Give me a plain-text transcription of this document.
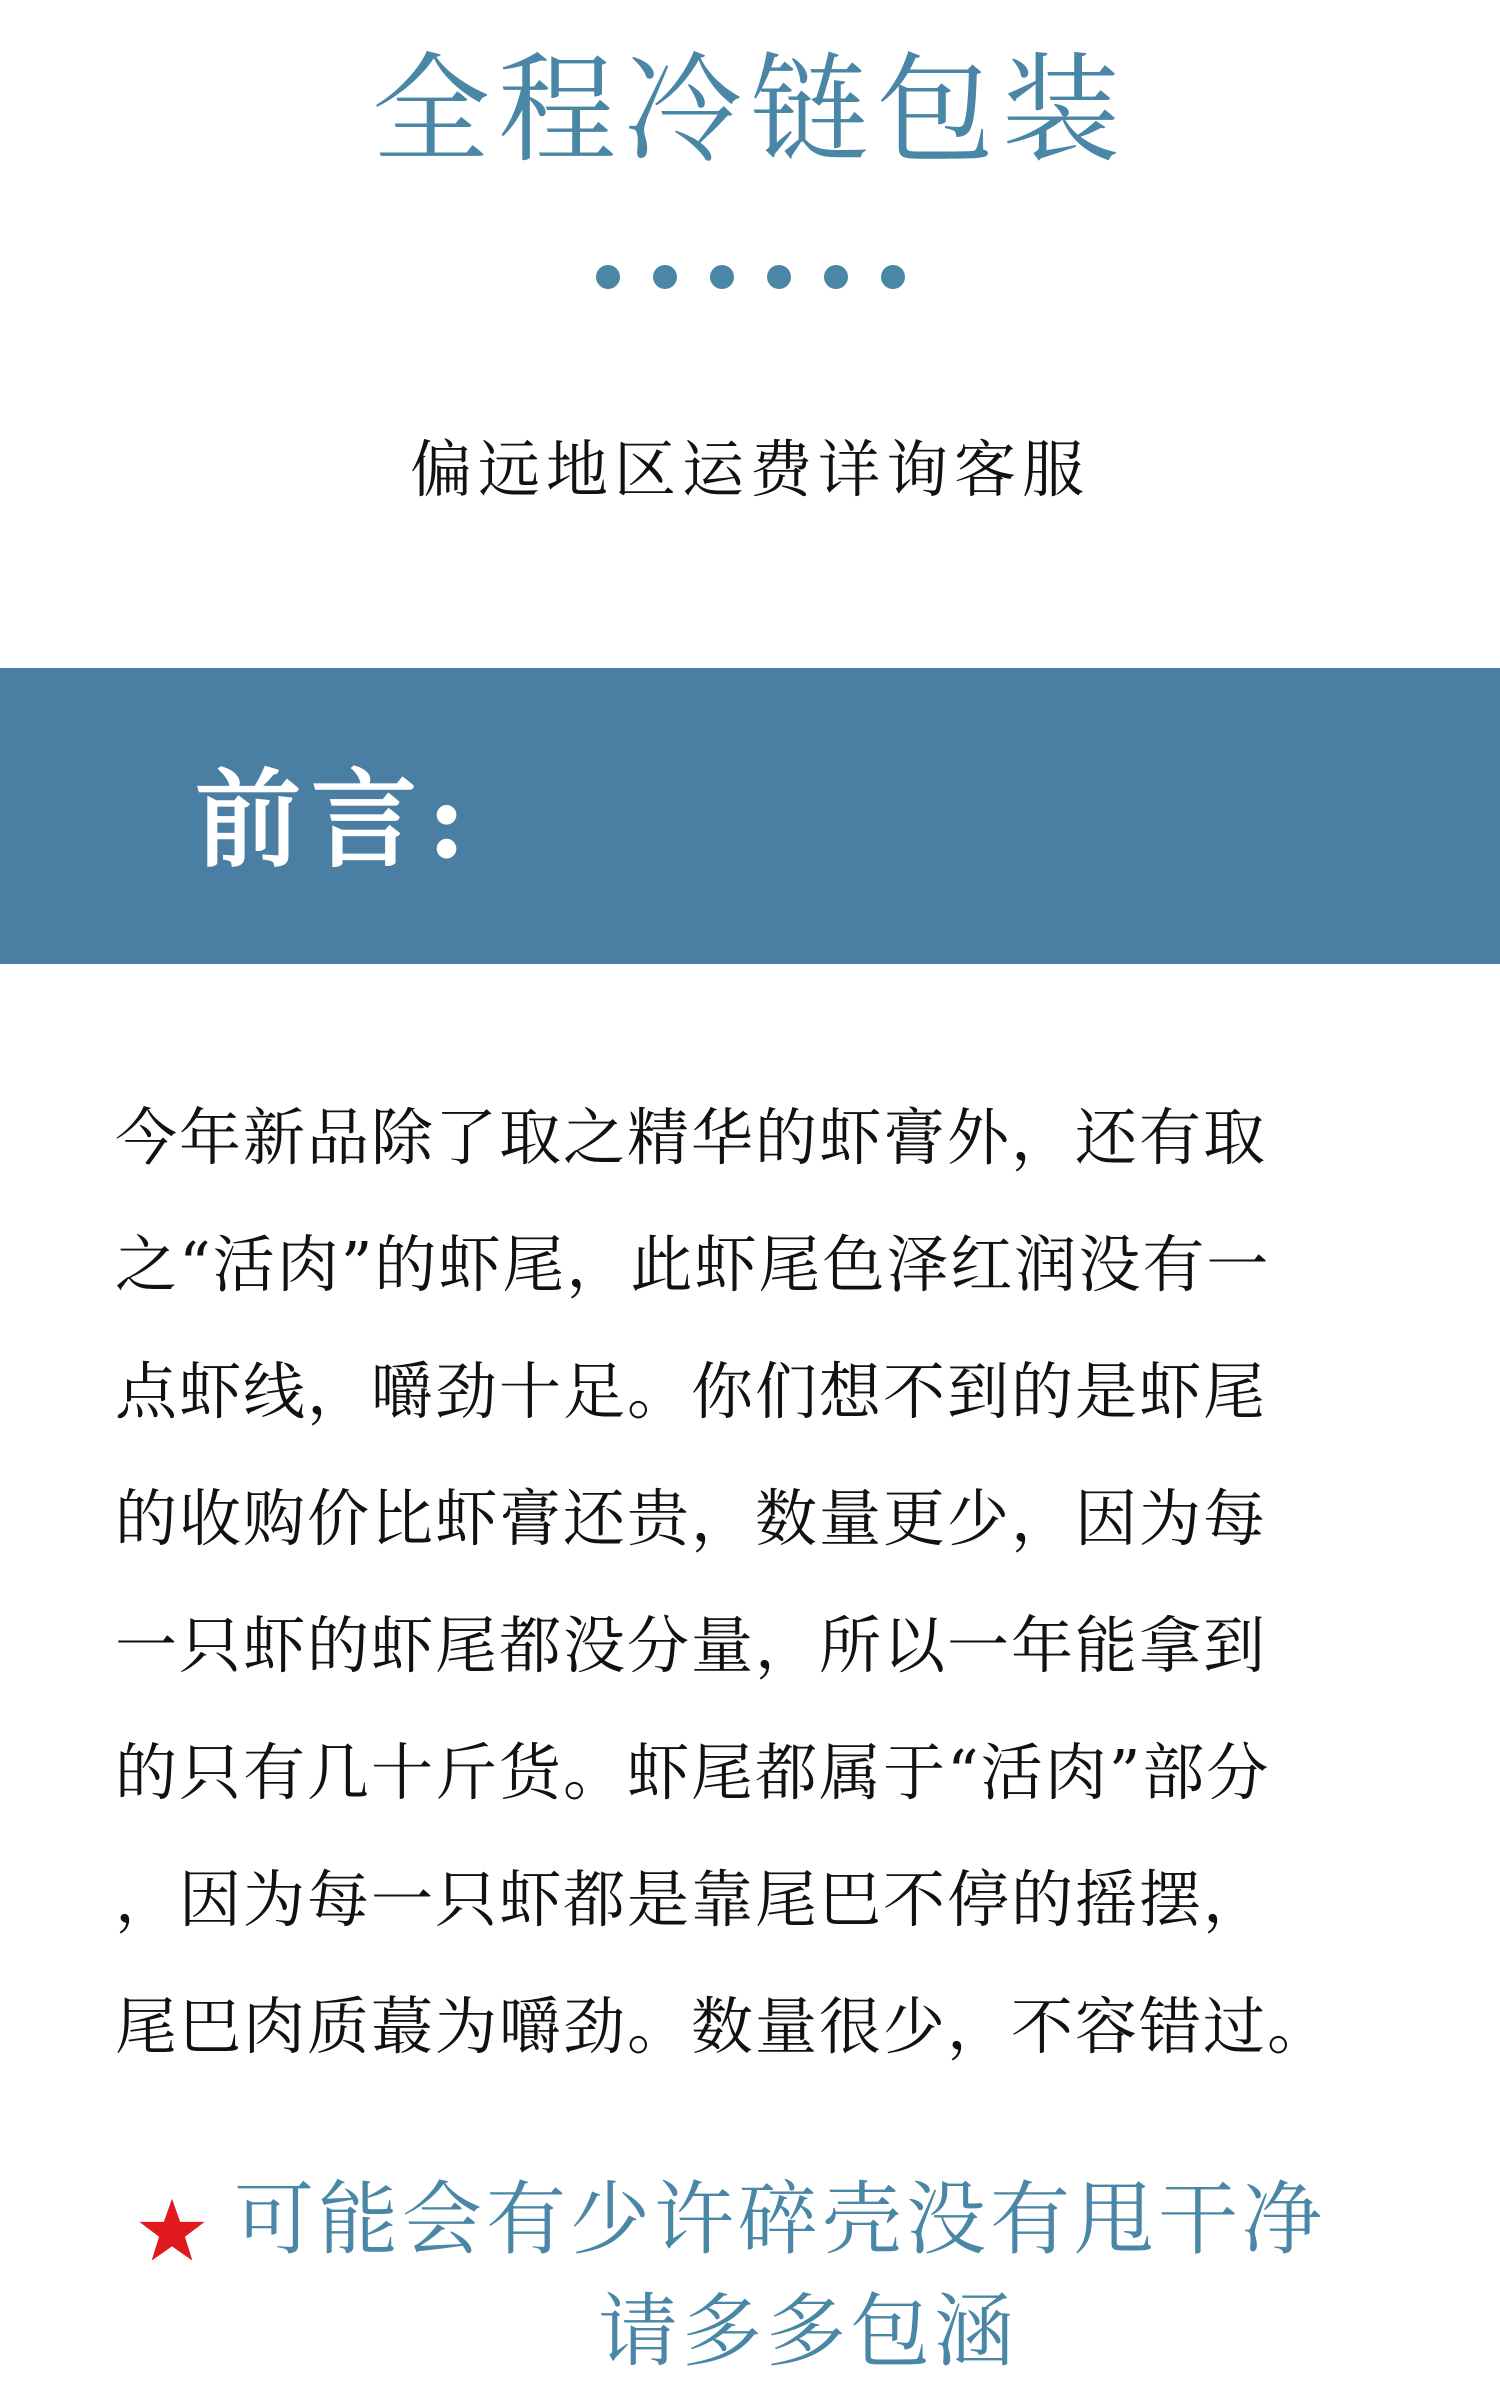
全程冷链包装
偏远地区运费详询客服
前言:
今年新品除了取之精华的虾膏外，还有取
之“活肉”的虾尾，此虾尾色泽红润没有一
点虾线，嚼劲十足。你们想不到的是虾尾
的收购价比虾膏还贵，数量更少，因为每
一只虾的虾尾都没分量，所以一年能拿到
的只有几十斤货。虾尾都属于“活肉”部分
，因为每一只虾都是靠尾巴不停的摇摆，
尾巴肉质蕞为嚼劲。数量很少，不容错过。
可能会有少许碎壳没有甩干净
请多多包涵
